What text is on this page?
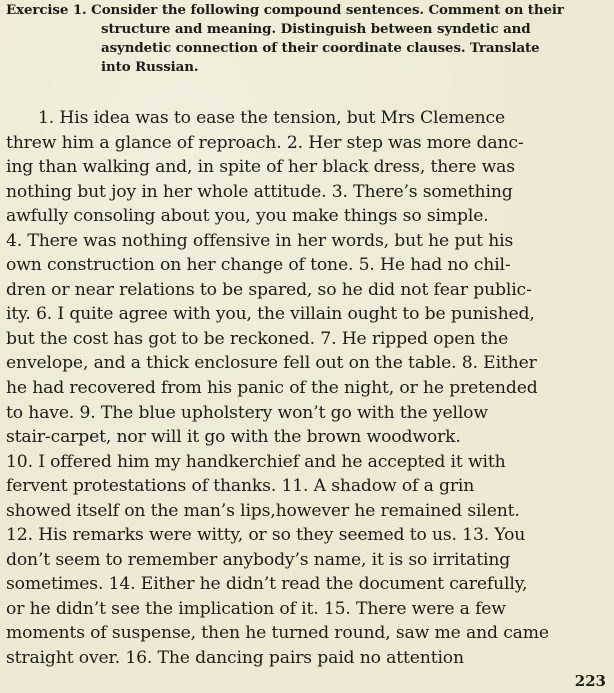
Exercise 1. Consider the following compound sentences. Comment on their
structure and meaning. Distinguish between syndetic and
asyndetic connection of their coordinate clauses. Translate
into Russian.
1. His idea was to ease the tension, but Mrs Clemence
threw him a glance of reproach. 2. Her step was more danc-
ing than walking and, in spite of her black dress, there was
nothing but joy in her whole attitude. 3. There’s something
awfully consoling about you, you make things so simple.
4. There was nothing offensive in her words, but he put his
own construction on her change of tone. 5. He had no chil-
dren or near relations to be spared, so he did not fear public-
ity. 6. I quite agree with you, the villain ought to be punished,
but the cost has got to be reckoned. 7. He ripped open the
envelope, and a thick enclosure fell out on the table. 8. Either
he had recovered from his panic of the night, or he pretended
to have. 9. The blue upholstery won’t go with the yellow
stair-carpet, nor will it go with the brown woodwork.
10. I offered him my handkerchief and he accepted it with
fervent protestations of thanks. 11. A shadow of a grin
showed itself on the man’s lips,however he remained silent.
12. His remarks were witty, or so they seemed to us. 13. You
don’t seem to remember anybody’s name, it is so irritating
sometimes. 14. Either he didn’t read the document carefully,
or he didn’t see the implication of it. 15. There were a few
moments of suspense, then he turned round, saw me and came
straight over. 16. The dancing pairs paid no attention
223
